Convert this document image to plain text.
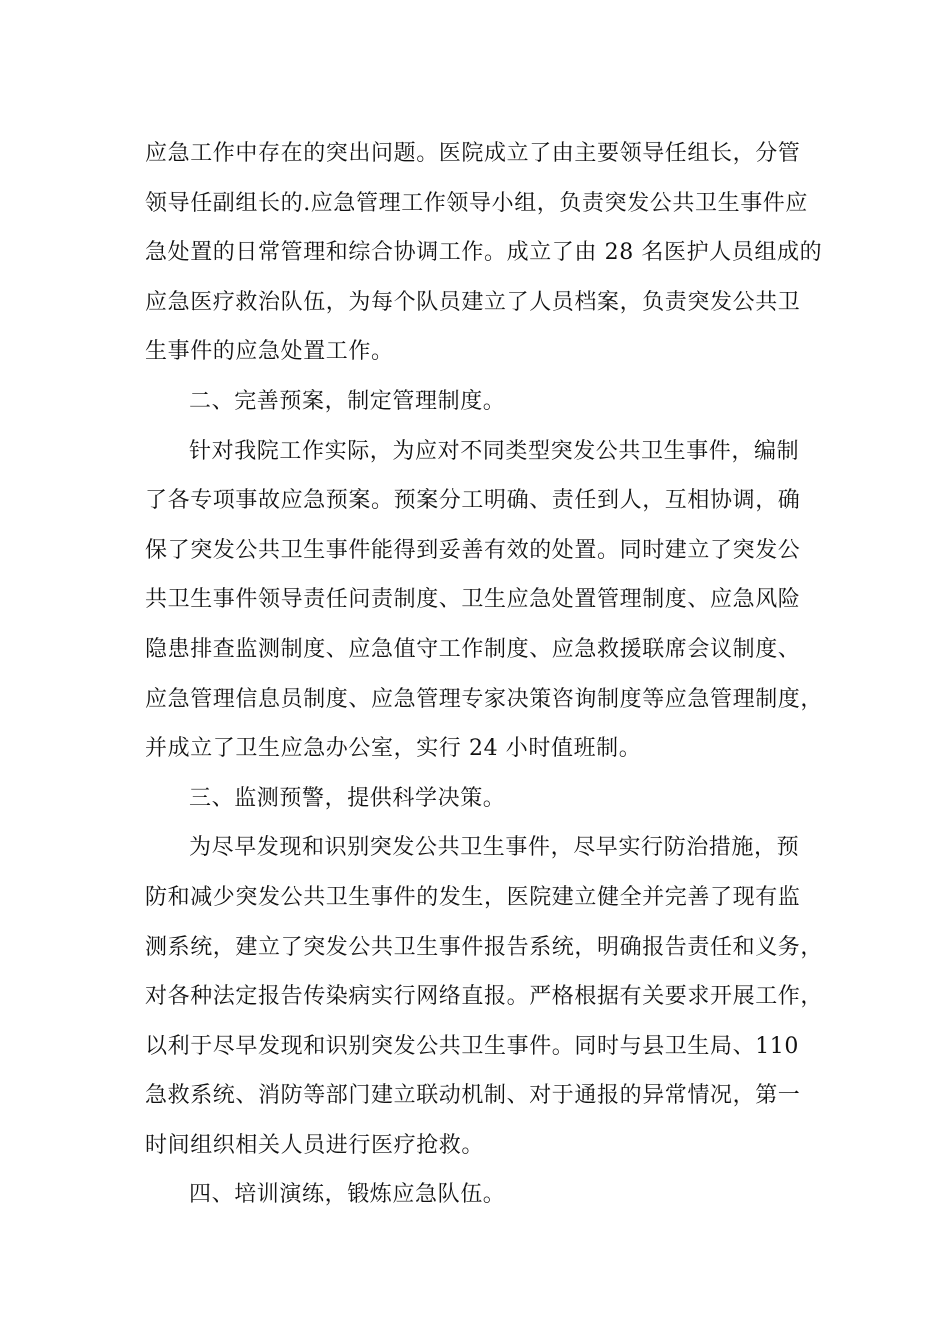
应急工作中存在的突出问题。医院成立了由主要领导任组长，分管
领导任副组长的.应急管理工作领导小组，负责突发公共卫生事件应
急处置的日常管理和综合协调工作。成立了由 28 名医护人员组成的
应急医疗救治队伍，为每个队员建立了人员档案，负责突发公共卫
生事件的应急处置工作。

二、完善预案，制定管理制度。

针对我院工作实际，为应对不同类型突发公共卫生事件，编制
了各专项事故应急预案。预案分工明确、责任到人，互相协调，确
保了突发公共卫生事件能得到妥善有效的处置。同时建立了突发公
共卫生事件领导责任问责制度、卫生应急处置管理制度、应急风险
隐患排查监测制度、应急值守工作制度、应急救援联席会议制度、
应急管理信息员制度、应急管理专家决策咨询制度等应急管理制度，
并成立了卫生应急办公室，实行 24 小时值班制。

三、监测预警，提供科学决策。

为尽早发现和识别突发公共卫生事件，尽早实行防治措施，预
防和减少突发公共卫生事件的发生，医院建立健全并完善了现有监
测系统，建立了突发公共卫生事件报告系统，明确报告责任和义务，
对各种法定报告传染病实行网络直报。严格根据有关要求开展工作，
以利于尽早发现和识别突发公共卫生事件。同时与县卫生局、110
急救系统、消防等部门建立联动机制、对于通报的异常情况，第一
时间组织相关人员进行医疗抢救。

四、培训演练，锻炼应急队伍。
